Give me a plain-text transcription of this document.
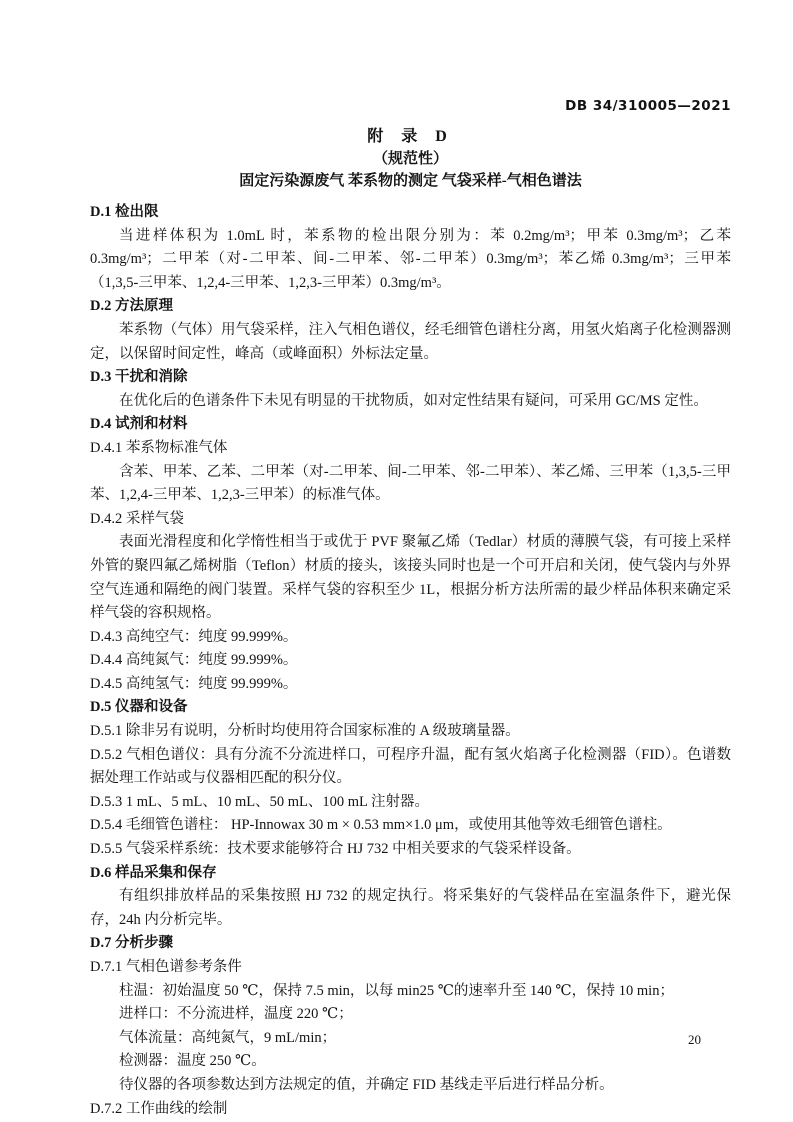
DB 34/310005—2021
附 录 D
（规范性）
固定污染源废气 苯系物的测定 气袋采样-气相色谱法
D.1 检出限
当进样体积为 1.0mL 时，苯系物的检出限分别为：苯 0.2mg/m³；甲苯 0.3mg/m³；乙苯 0.3mg/m³；二甲苯（对-二甲苯、间-二甲苯、邻-二甲苯）0.3mg/m³；苯乙烯 0.3mg/m³；三甲苯（1,3,5-三甲苯、1,2,4-三甲苯、1,2,3-三甲苯）0.3mg/m³。
D.2 方法原理
苯系物（气体）用气袋采样，注入气相色谱仪，经毛细管色谱柱分离，用氢火焰离子化检测器测定，以保留时间定性，峰高（或峰面积）外标法定量。
D.3 干扰和消除
在优化后的色谱条件下未见有明显的干扰物质，如对定性结果有疑问，可采用 GC/MS 定性。
D.4 试剂和材料
D.4.1 苯系物标准气体
含苯、甲苯、乙苯、二甲苯（对-二甲苯、间-二甲苯、邻-二甲苯）、苯乙烯、三甲苯（1,3,5-三甲苯、1,2,4-三甲苯、1,2,3-三甲苯）的标准气体。
D.4.2 采样气袋
表面光滑程度和化学惰性相当于或优于 PVF 聚氟乙烯（Tedlar）材质的薄膜气袋，有可接上采样外管的聚四氟乙烯树脂（Teflon）材质的接头，该接头同时也是一个可开启和关闭，使气袋内与外界空气连通和隔绝的阀门装置。采样气袋的容积至少 1L，根据分析方法所需的最少样品体积来确定采样气袋的容积规格。
D.4.3 高纯空气：纯度 99.999%。
D.4.4 高纯氮气：纯度 99.999%。
D.4.5 高纯氢气：纯度 99.999%。
D.5 仪器和设备
D.5.1 除非另有说明，分析时均使用符合国家标准的 A 级玻璃量器。
D.5.2 气相色谱仪：具有分流不分流进样口，可程序升温，配有氢火焰离子化检测器（FID）。色谱数据处理工作站或与仪器相匹配的积分仪。
D.5.3 1 mL、5 mL、10 mL、50 mL、100 mL 注射器。
D.5.4 毛细管色谱柱： HP-Innowax 30 m × 0.53 mm×1.0 μm，或使用其他等效毛细管色谱柱。
D.5.5 气袋采样系统：技术要求能够符合 HJ 732 中相关要求的气袋采样设备。
D.6 样品采集和保存
有组织排放样品的采集按照 HJ 732 的规定执行。将采集好的气袋样品在室温条件下，避光保存，24h 内分析完毕。
D.7 分析步骤
D.7.1 气相色谱参考条件
柱温：初始温度 50 ℃，保持 7.5 min，以每 min25 ℃的速率升至 140 ℃，保持 10 min；
进样口：不分流进样，温度 220 ℃；
气体流量：高纯氮气，9 mL/min；
检测器：温度 250 ℃。
待仪器的各项参数达到方法规定的值，并确定 FID 基线走平后进行样品分析。
D.7.2 工作曲线的绘制
20
